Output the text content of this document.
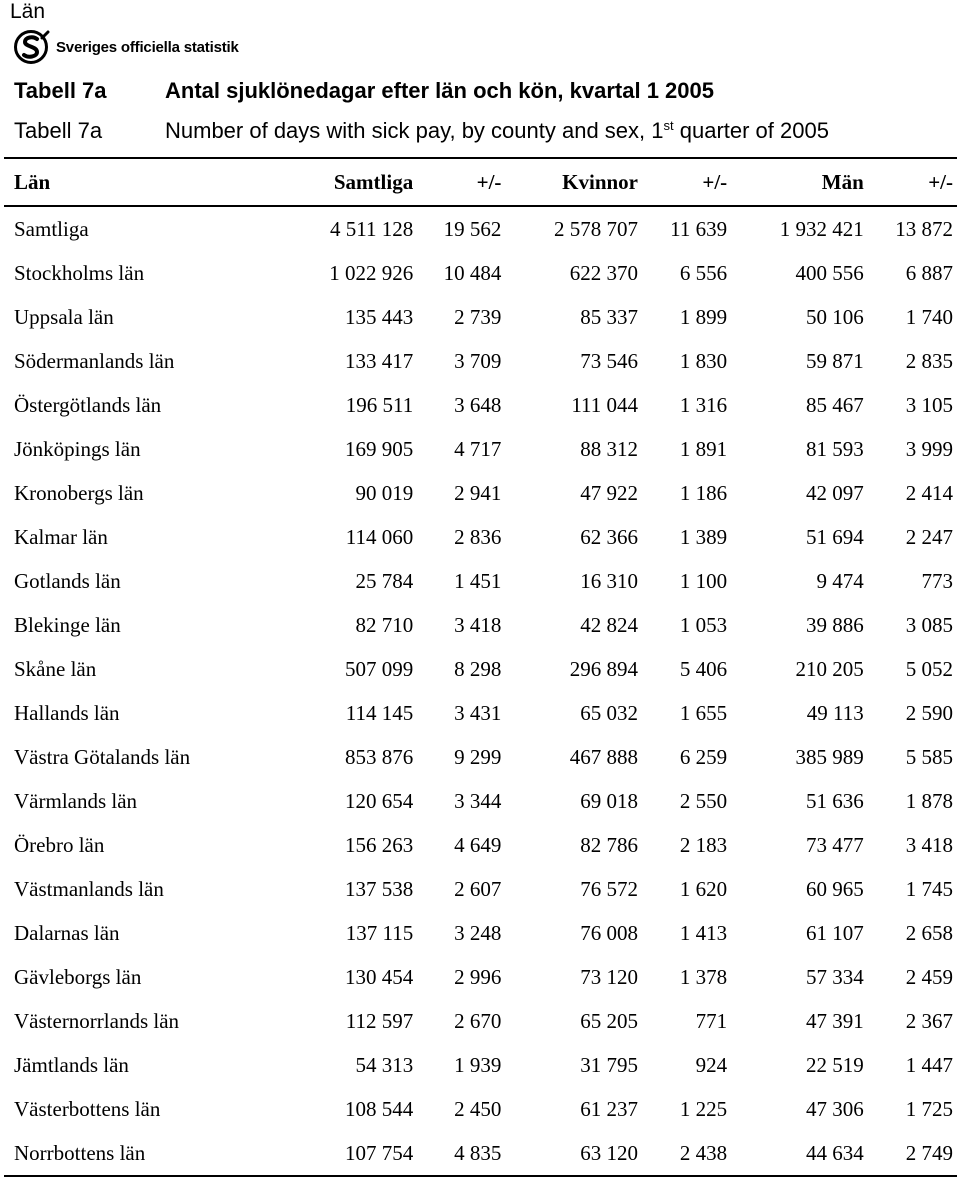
Län
Sveriges officiella statistik
Tabell 7a	Antal sjuklönedagar efter län och kön, kvartal 1 2005
Tabell 7a	Number of days with sick pay, by county and sex, 1st quarter of 2005
Län	Samtliga	+/-	Kvinnor	+/-	Män	+/-
Samtliga	4 511 128	19 562	2 578 707	11 639	1 932 421	13 872
Stockholms län	1 022 926	10 484	622 370	6 556	400 556	6 887
Uppsala län	135 443	2 739	85 337	1 899	50 106	1 740
Södermanlands län	133 417	3 709	73 546	1 830	59 871	2 835
Östergötlands län	196 511	3 648	111 044	1 316	85 467	3 105
Jönköpings län	169 905	4 717	88 312	1 891	81 593	3 999
Kronobergs län	90 019	2 941	47 922	1 186	42 097	2 414
Kalmar län	114 060	2 836	62 366	1 389	51 694	2 247
Gotlands län	25 784	1 451	16 310	1 100	9 474	773
Blekinge län	82 710	3 418	42 824	1 053	39 886	3 085
Skåne län	507 099	8 298	296 894	5 406	210 205	5 052
Hallands län	114 145	3 431	65 032	1 655	49 113	2 590
Västra Götalands län	853 876	9 299	467 888	6 259	385 989	5 585
Värmlands län	120 654	3 344	69 018	2 550	51 636	1 878
Örebro län	156 263	4 649	82 786	2 183	73 477	3 418
Västmanlands län	137 538	2 607	76 572	1 620	60 965	1 745
Dalarnas län	137 115	3 248	76 008	1 413	61 107	2 658
Gävleborgs län	130 454	2 996	73 120	1 378	57 334	2 459
Västernorrlands län	112 597	2 670	65 205	771	47 391	2 367
Jämtlands län	54 313	1 939	31 795	924	22 519	1 447
Västerbottens län	108 544	2 450	61 237	1 225	47 306	1 725
Norrbottens län	107 754	4 835	63 120	2 438	44 634	2 749
